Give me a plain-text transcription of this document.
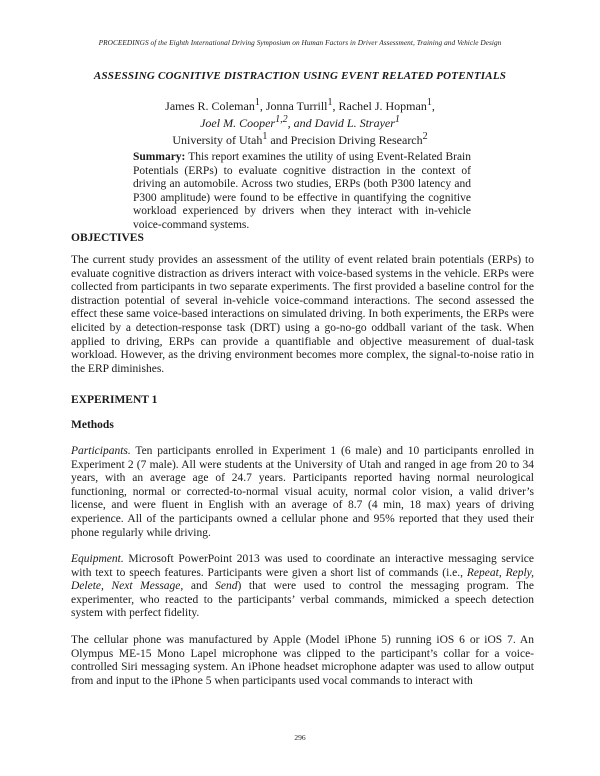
PROCEEDINGS of the Eighth International Driving Symposium on Human Factors in Driver Assessment, Training and Vehicle Design
ASSESSING COGNITIVE DISTRACTION USING EVENT RELATED POTENTIALS
James R. Coleman$^1$, Jonna Turrill$^1$, Rachel J. Hopman$^1$,
Joel M. Cooper$^{1,2}$, and David L. Strayer$^1$
University of Utah$^1$ and Precision Driving Research$^2$
Summary: This report examines the utility of using Event-Related Brain Potentials (ERPs) to evaluate cognitive distraction in the context of driving an automobile. Across two studies, ERPs (both P300 latency and P300 amplitude) were found to be effective in quantifying the cognitive workload experienced by drivers when they interact with in-vehicle voice-command systems.
OBJECTIVES
The current study provides an assessment of the utility of event related brain potentials (ERPs) to evaluate cognitive distraction as drivers interact with voice-based systems in the vehicle. ERPs were collected from participants in two separate experiments. The first provided a baseline control for the distraction potential of several in-vehicle voice-command interactions. The second assessed the effect these same voice-based interactions on simulated driving. In both experiments, the ERPs were elicited by a detection-response task (DRT) using a go-no-go oddball variant of the task. When applied to driving, ERPs can provide a quantifiable and objective measurement of dual-task workload. However, as the driving environment becomes more complex, the signal-to-noise ratio in the ERP diminishes.
EXPERIMENT 1
Methods
Participants. Ten participants enrolled in Experiment 1 (6 male) and 10 participants enrolled in Experiment 2 (7 male). All were students at the University of Utah and ranged in age from 20 to 34 years, with an average age of 24.7 years. Participants reported having normal neurological functioning, normal or corrected-to-normal visual acuity, normal color vision, a valid driver’s license, and were fluent in English with an average of 8.7 (4 min, 18 max) years of driving experience. All of the participants owned a cellular phone and 95% reported that they used their phone regularly while driving.
Equipment. Microsoft PowerPoint 2013 was used to coordinate an interactive messaging service with text to speech features. Participants were given a short list of commands (i.e., Repeat, Reply, Delete, Next Message, and Send) that were used to control the messaging program. The experimenter, who reacted to the participants’ verbal commands, mimicked a speech detection system with perfect fidelity.
The cellular phone was manufactured by Apple (Model iPhone 5) running iOS 6 or iOS 7. An Olympus ME-15 Mono Lapel microphone was clipped to the participant’s collar for a voice-controlled Siri messaging system. An iPhone headset microphone adapter was used to allow output from and input to the iPhone 5 when participants used vocal commands to interact with
296
